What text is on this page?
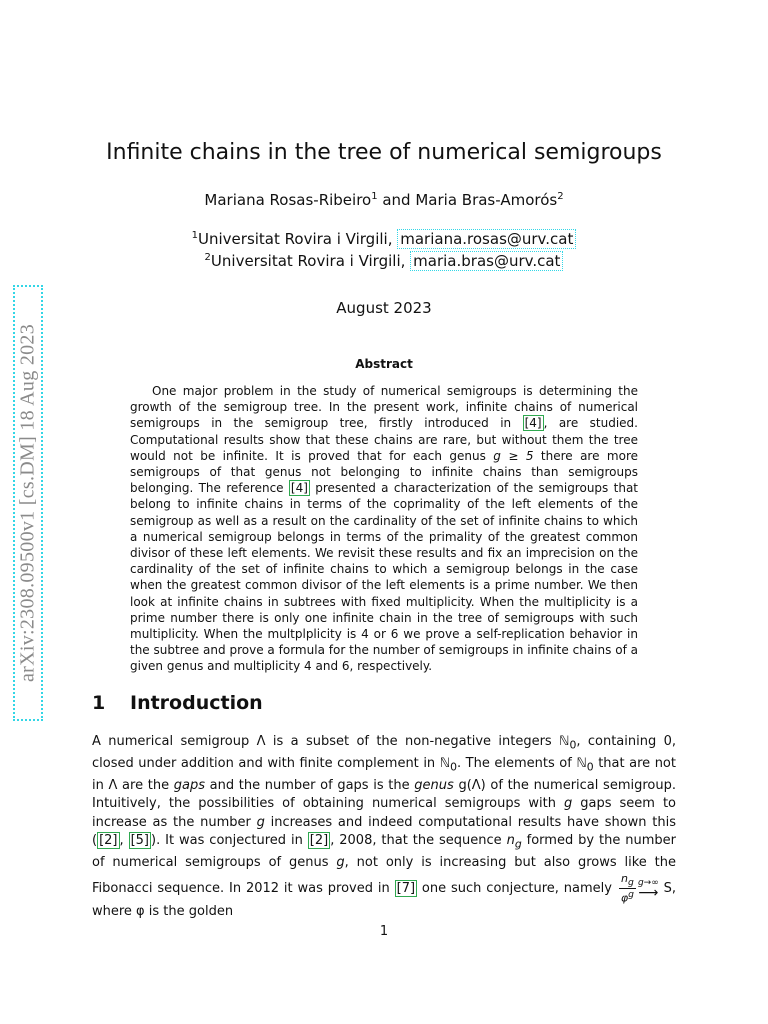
arXiv:2308.09500v1 [cs.DM] 18 Aug 2023
Infinite chains in the tree of numerical semigroups
Mariana Rosas-Ribeiro$^1$ and Maria Bras-Amorós$^2$
$^1$Universitat Rovira i Virgili, mariana.rosas@urv.cat
$^2$Universitat Rovira i Virgili, maria.bras@urv.cat
August 2023
Abstract

One major problem in the study of numerical semigroups is determining the growth of the semigroup tree. In the present work, infinite chains of numerical semigroups in the semigroup tree, firstly introduced in [4] , are studied. Computational results show that these chains are rare, but without them the tree would not be infinite. It is proved that for each genus g ≥ 5 there are more semigroups of that genus not belonging to infinite chains than semigroups belonging. The reference [4] presented a characterization of the semigroups that belong to infinite chains in terms of the coprimality of the left elements of the semigroup as well as a result on the cardinality of the set of infinite chains to which a numerical semigroup belongs in terms of the primality of the greatest common divisor of these left elements. We revisit these results and fix an imprecision on the cardinality of the set of infinite chains to which a semigroup belongs in the case when the greatest common divisor of the left elements is a prime number. We then look at infinite chains in subtrees with fixed multiplicity. When the multiplicity is a prime number there is only one infinite chain in the tree of semigroups with such multiplicity. When the multplplicity is 4 or 6 we prove a self-replication behavior in the subtree and prove a formula for the number of semigroups in infinite chains of a given genus and multiplicity 4 and 6, respectively.

1 Introduction

A numerical semigroup Λ is a subset of the non-negative integers ℕ$_0$, containing 0, closed under addition and with finite complement in ℕ$_0$. The elements of ℕ$_0$ that are not in Λ are the gaps and the number of gaps is the genus g(Λ) of the numerical semigroup. Intuitively, the possibilities of obtaining numerical semigroups with g gaps seem to increase as the number g increases and indeed computational results have shown this ( [2] , [5] ). It was conjectured in [2] , 2008, that the sequence $n_g$ formed by the number of numerical semigroups of genus g, not only is increasing but also grows like the Fibonacci sequence. In 2012 it was proved in [7] one such conjecture, namely $\frac{n_g}{\varphi^g} g\to\infty$
⟶ S, where φ is the golden

1
